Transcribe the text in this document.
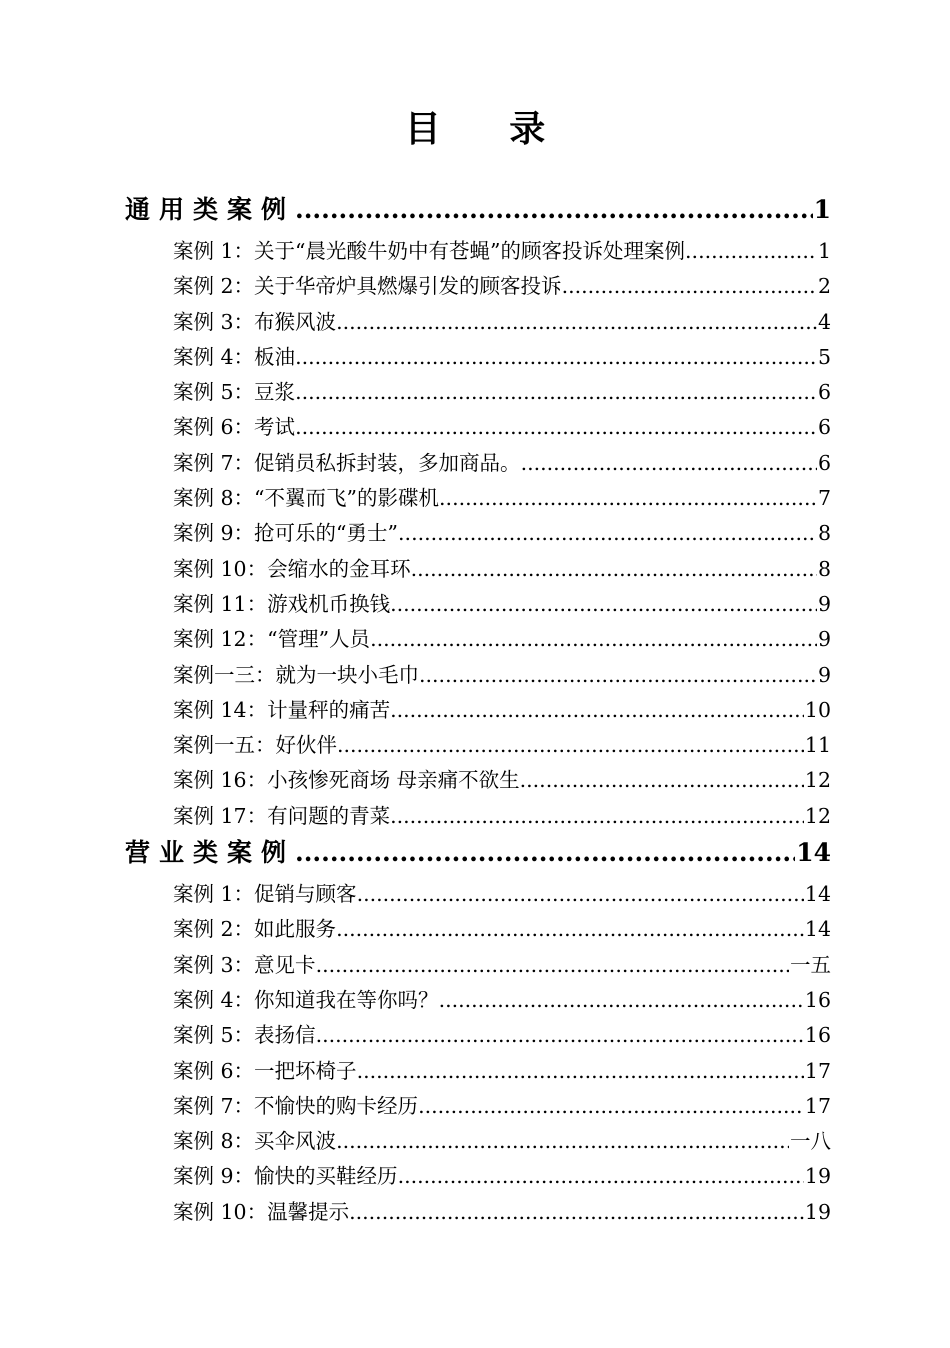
目 录
通用类案例 .....	1
案例 1：关于“晨光酸牛奶中有苍蝇”的顾客投诉处理案例 .....	1
案例 2：关于华帝炉具燃爆引发的顾客投诉 .....	2
案例 3：布猴风波 .....	4
案例 4：板油 .....	5
案例 5：豆浆 .....	6
案例 6：考试 .....	6
案例 7：促销员私拆封装，多加商品。 .....	6
案例 8：“不翼而飞”的影碟机 .....	7
案例 9：抢可乐的“勇士” .....	8
案例 10：会缩水的金耳环 .....	8
案例 11：游戏机币换钱 .....	9
案例 12：“管理”人员 .....	9
案例一三：就为一块小毛巾 .....	9
案例 14：计量秤的痛苦 .....	10
案例一五：好伙伴 .....	11
案例 16：小孩惨死商场 母亲痛不欲生 .....	12
案例 17：有问题的青菜 .....	12
营业类案例 .....	14
案例 1：促销与顾客 .....	14
案例 2：如此服务 .....	14
案例 3：意见卡 .....	一五
案例 4：你知道我在等你吗？ .....	16
案例 5：表扬信 .....	16
案例 6：一把坏椅子 .....	17
案例 7：不愉快的购卡经历 .....	17
案例 8：买伞风波 .....	一八
案例 9：愉快的买鞋经历 .....	19
案例 10：温馨提示 .....	19
